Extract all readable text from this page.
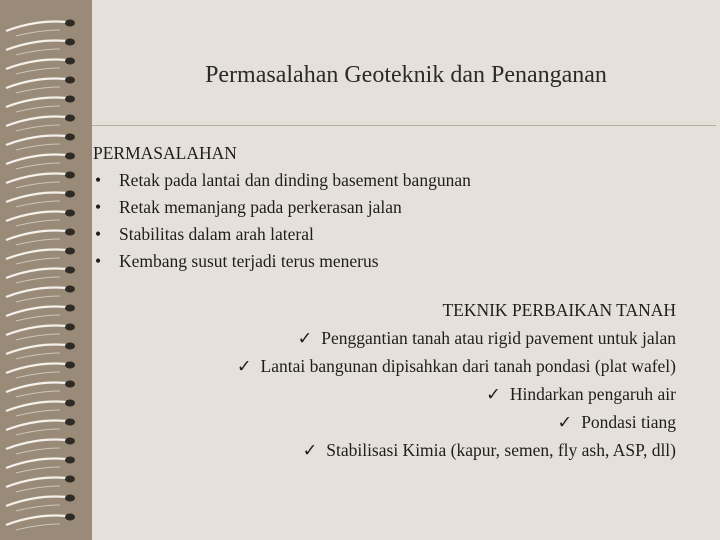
Permasalahan Geoteknik dan Penanganan

PERMASALAHAN

• Retak pada lantai dan dinding basement bangunan
• Retak memanjang pada perkerasan jalan
• Stabilitas dalam arah lateral
• Kembang susut terjadi terus menerus

TEKNIK PERBAIKAN TANAH

✓ Penggantian tanah atau rigid pavement untuk jalan
✓ Lantai bangunan dipisahkan dari tanah pondasi (plat wafel)
✓ Hindarkan pengaruh air
✓ Pondasi tiang
✓ Stabilisasi Kimia (kapur, semen, fly ash, ASP, dll)
